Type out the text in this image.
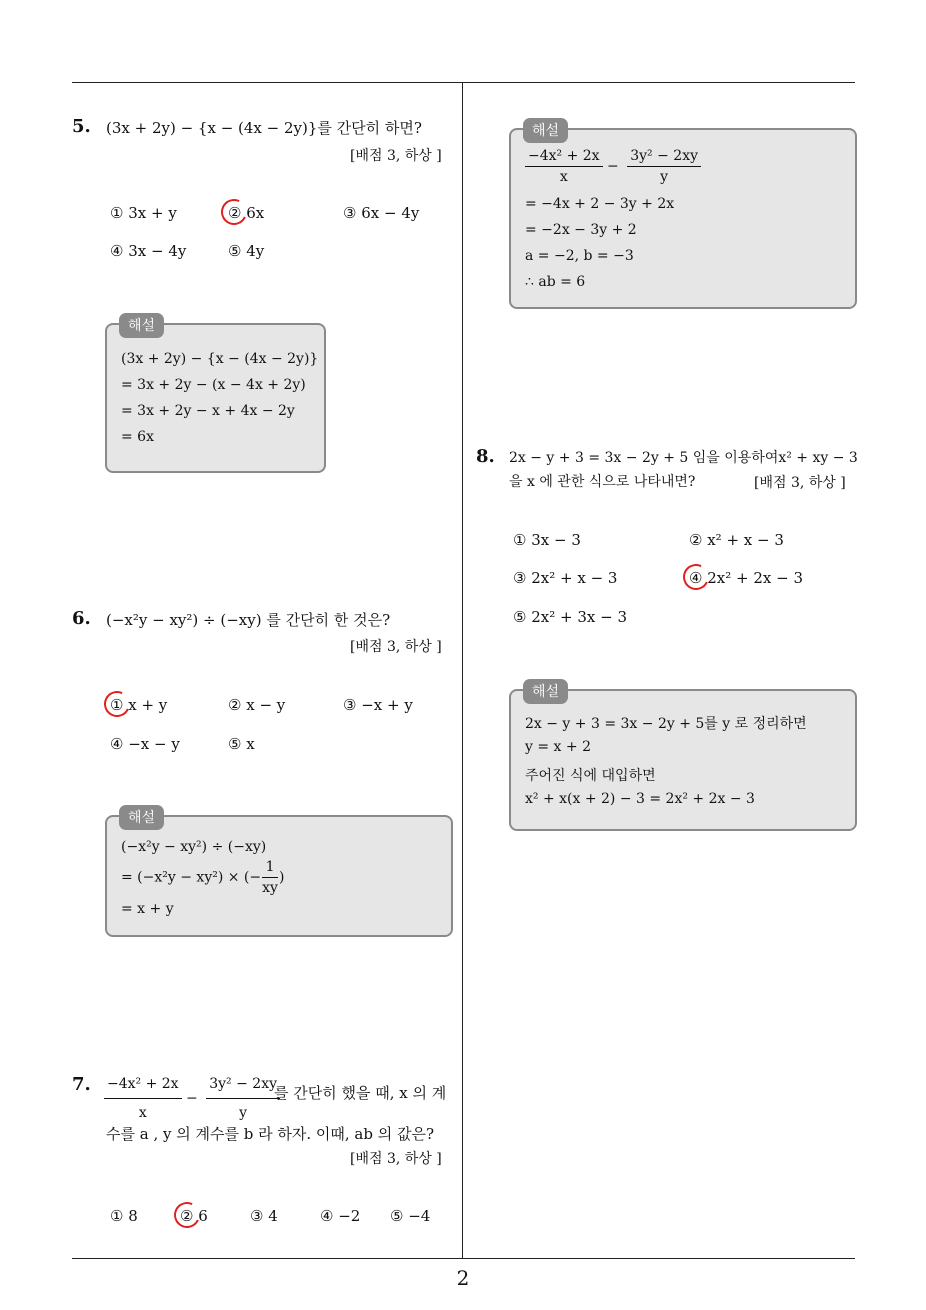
2
5. (3x + 2y) − {x − (4x − 2y)}를 간단히 하면?
[배점 3, 하상 ]
① 3x + y	② 6x	③ 6x − 4y
④ 3x − 4y	⑤ 4y
해설
(3x + 2y) − {x − (4x − 2y)}
= 3x + 2y − (x − 4x + 2y)
= 3x + 2y − x + 4x − 2y
= 6x
6. (−x²y − xy²) ÷ (−xy) 를 간단히 한 것은?
[배점 3, 하상 ]
① x + y	② x − y	③ −x + y
④ −x − y	⑤ x
해설
(−x²y − xy²) ÷ (−xy)
= (−x²y − xy²) × (− $\frac{1}{xy}$ )
= x + y
7. $\frac{\text{−4x² + 2x}}{x} - \frac{\text{3y² − 2xy}}{y}$
를 간단히 했을 때, x 의 계
수를 a , y 의 계수를 b 라 하자. 이때, ab 의 값은?
[배점 3, 하상 ]
① 8	② 6	③ 4	④ −2 ⑤ −4
해설
$\frac{\text{−4x² + 2x}}{x} - \frac{\text{3y² − 2xy}}{y}$
= −4x + 2 − 3y + 2x
= −2x − 3y + 2
a = −2, b = −3
∴ ab = 6
8. 2x − y + 3 = 3x − 2y + 5 임을 이용하여x² + xy − 3
을 x 에 관한 식으로 나타내면?	[배점 3, 하상 ]
① 3x − 3	② x² + x − 3
③ 2x² + x − 3	④ 2x² + 2x − 3
⑤ 2x² + 3x − 3
해설
2x − y + 3 = 3x − 2y + 5를 y 로 정리하면
y = x + 2
주어진 식에 대입하면
x² + x(x + 2) − 3 = 2x² + 2x − 3
